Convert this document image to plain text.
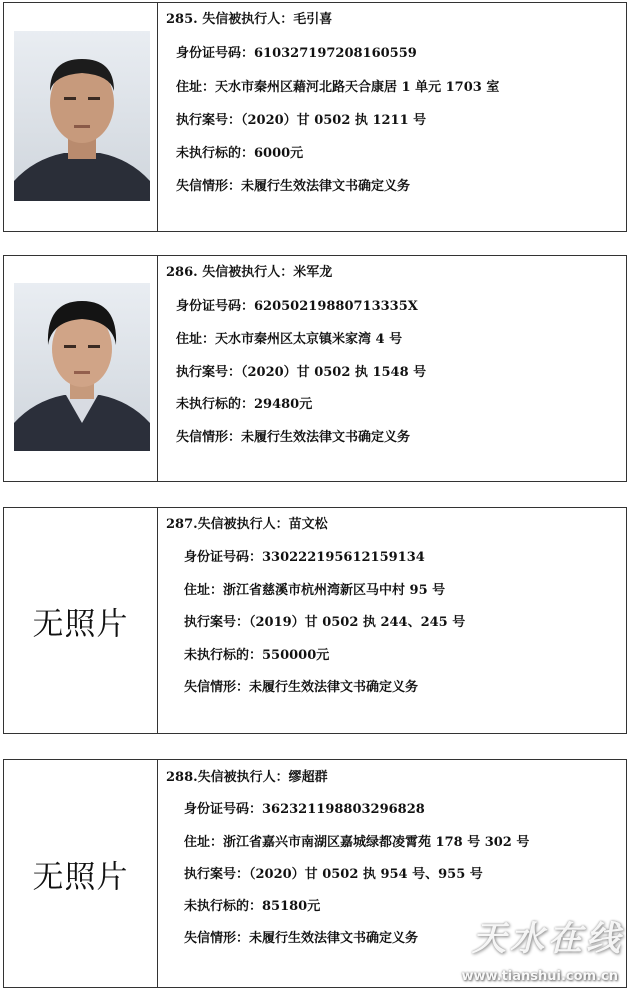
285. 失信被执行人：毛引喜
身份证号码：610327197208160559
住址：天水市秦州区藉河北路天合康居 1 单元 1703 室
执行案号：（2020）甘 0502 执 1211 号
未执行标的：6000元
失信情形：未履行生效法律文书确定义务
286. 失信被执行人：米军龙
身份证号码：62050219880713335X
住址：天水市秦州区太京镇米家湾 4 号
执行案号：（2020）甘 0502 执 1548 号
未执行标的：29480元
失信情形：未履行生效法律文书确定义务
无照片
287.失信被执行人：苗文松
身份证号码：330222195612159134
住址：浙江省慈溪市杭州湾新区马中村 95 号
执行案号：（2019）甘 0502 执 244、245 号
未执行标的：550000元
失信情形：未履行生效法律文书确定义务
无照片
288.失信被执行人：缪超群
身份证号码：362321198803296828
住址：浙江省嘉兴市南湖区嘉城绿都凌霄苑 178 号 302 号
执行案号：（2020）甘 0502 执 954 号、955 号
未执行标的：85180元
失信情形：未履行生效法律文书确定义务 天水在线
www.tianshui.com.cn
